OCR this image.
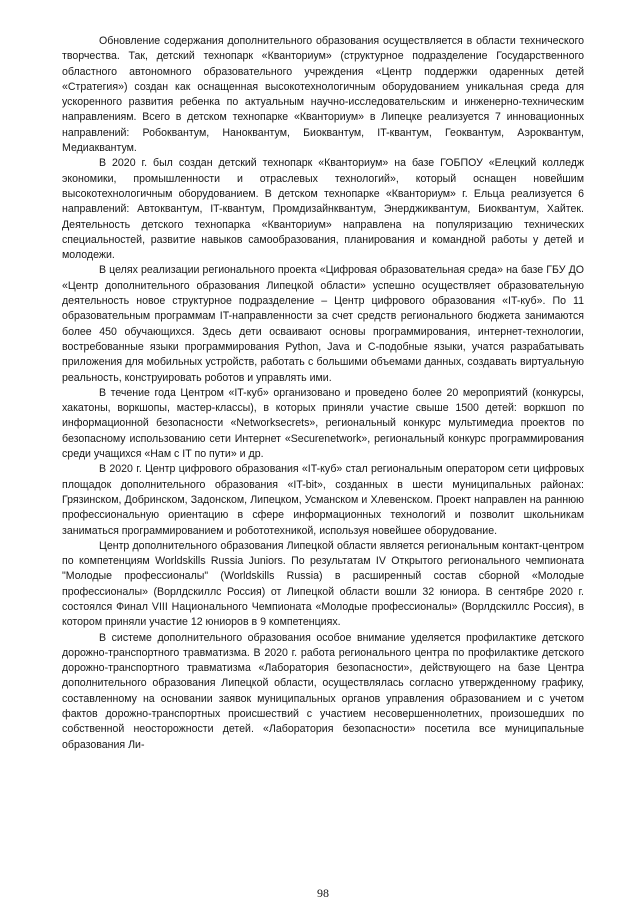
Обновление содержания дополнительного образования осуществляется в области технического творчества. Так, детский технопарк «Кванториум» (структурное подразделение Государственного областного автономного образовательного учреждения «Центр поддержки одаренных детей «Стратегия») создан как оснащенная высокотехнологичным оборудованием уникальная среда для ускоренного развития ребенка по актуальным научно-исследовательским и инженерно-техническим направлениям. Всего в детском технопарке «Кванториум» в Липецке реализуется 7 инновационных направлений: Робоквантум, Наноквантум, Биоквантум, IT-квантум, Геоквантум, Аэроквантум, Медиаквантум.

В 2020 г. был создан детский технопарк «Кванториум» на базе ГОБПОУ «Елецкий колледж экономики, промышленности и отраслевых технологий», который оснащен новейшим высокотехнологичным оборудованием. В детском технопарке «Кванториум» г. Ельца реализуется 6 направлений: Автоквантум, IT-квантум, Промдизайнквантум, Энерджиквантум, Биоквантум, Хайтек. Деятельность детского технопарка «Кванториум» направлена на популяризацию технических специальностей, развитие навыков самообразования, планирования и командной работы у детей и молодежи.

В целях реализации регионального проекта «Цифровая образовательная среда» на базе ГБУ ДО «Центр дополнительного образования Липецкой области» успешно осуществляет образовательную деятельность новое структурное подразделение – Центр цифрового образования «IT-куб». По 11 образовательным программам IT-направленности за счет средств регионального бюджета занимаются более 450 обучающихся. Здесь дети осваивают основы программирования, интернет-технологии, востребованные языки программирования Python, Java и C-подобные языки, учатся разрабатывать приложения для мобильных устройств, работать с большими объемами данных, создавать виртуальную реальность, конструировать роботов и управлять ими.

В течение года Центром «IT-куб» организовано и проведено более 20 мероприятий (конкурсы, хакатоны, воркшопы, мастер-классы), в которых приняли участие свыше 1500 детей: воркшоп по информационной безопасности «Networksecrets», региональный конкурс мультимедиа проектов по безопасному использованию сети Интернет «Securenetwork», региональный конкурс программирования среди учащихся «Нам с IT по пути» и др.

В 2020 г. Центр цифрового образования «IT-куб» стал региональным оператором сети цифровых площадок дополнительного образования «IT-bit», созданных в шести муниципальных районах: Грязинском, Добринском, Задонском, Липецком, Усманском и Хлевенском. Проект направлен на раннюю профессиональную ориентацию в сфере информационных технологий и позволит школьникам заниматься программированием и робототехникой, используя новейшее оборудование.

Центр дополнительного образования Липецкой области является региональным контакт-центром по компетенциям Worldskills Russia Juniors. По результатам IV Открытого регионального чемпионата "Молодые профессионалы" (Worldskills Russia) в расширенный состав сборной «Молодые профессионалы» (Ворлдскиллс Россия) от Липецкой области вошли 32 юниора. В сентябре 2020 г. состоялся Финал VIII Национального Чемпионата «Молодые профессионалы» (Ворлдскиллс Россия), в котором приняли участие 12 юниоров в 9 компетенциях.

В системе дополнительного образования особое внимание уделяется профилактике детского дорожно-транспортного травматизма. В 2020 г. работа регионального центра по профилактике детского дорожно-транспортного травматизма «Лаборатория безопасности», действующего на базе Центра дополнительного образования Липецкой области, осуществлялась согласно утвержденному графику, составленному на основании заявок муниципальных органов управления образованием и с учетом фактов дорожно-транспортных происшествий с участием несовершеннолетних, произошедших по собственной неосторожности детей. «Лаборатория безопасности» посетила все муниципальные образования Ли-

98
